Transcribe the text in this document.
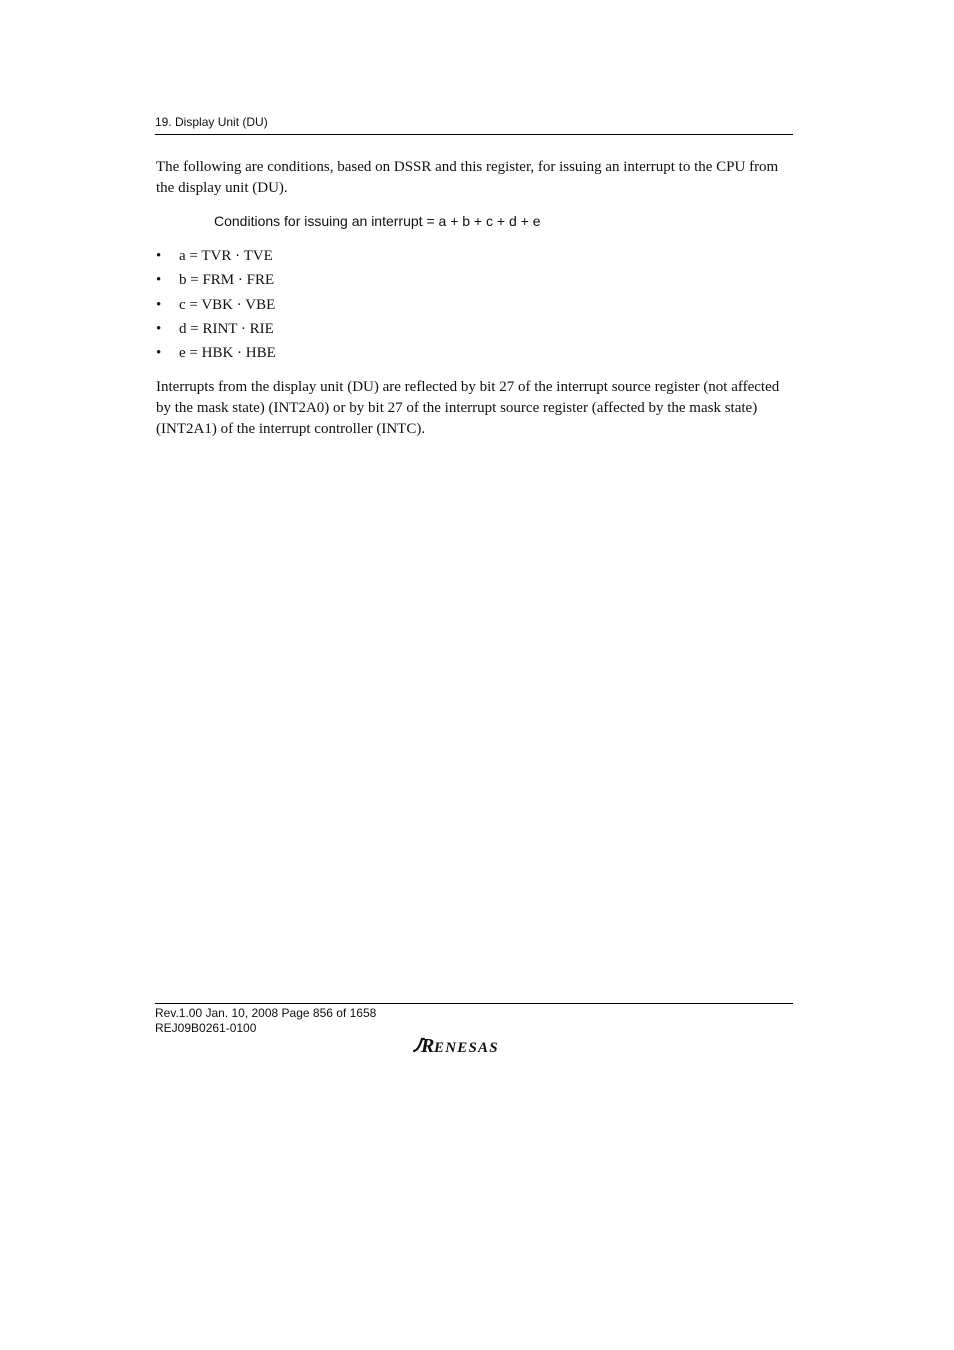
19. Display Unit (DU)

The following are conditions, based on DSSR and this register, for issuing an interrupt to the CPU from the display unit (DU).

Conditions for issuing an interrupt = a + b + c + d + e
• a = TVR · TVE
• b = FRM · FRE
• c = VBK · VBE
• d = RINT · RIE
• e = HBK · HBE

Interrupts from the display unit (DU) are reflected by bit 27 of the interrupt source register (not affected by the mask state) (INT2A0) or by bit 27 of the interrupt source register (affected by the mask state) (INT2A1) of the interrupt controller (INTC).

Rev.1.00 Jan. 10, 2008 Page 856 of 1658
REJ09B0261-0100
R ENESAS
